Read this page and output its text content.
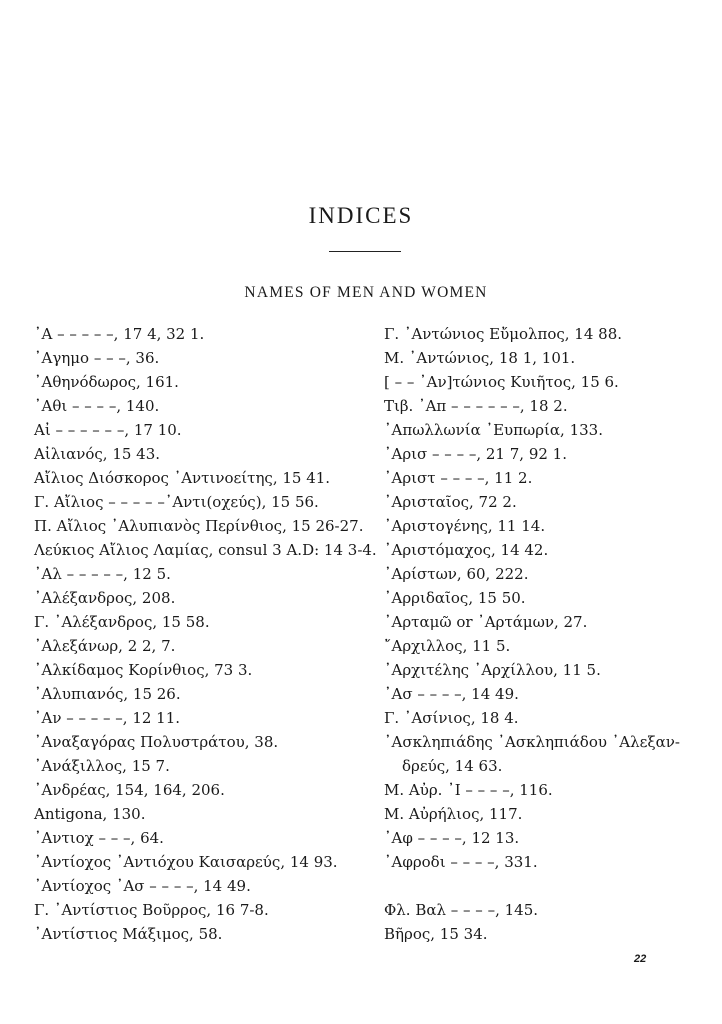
INDICES
NAMES OF MEN AND WOMEN
᾿Α – – – – –, 17 4, 32 1.
᾿Αγημο – – –, 36.
᾿Αθηνόδωρος, 161.
᾿Αθι – – – –, 140.
Αἰ – – – – – –, 17 10.
Αἰλιανός, 15 43.
Αἴλιος Διόσκορος ᾿Αντινοείτης, 15 41.
Γ. Αἴλιος – – – – –᾿Αντι(οχεύς), 15 56.
Π. Αἴλιος ᾿Αλυπιανὸς Περίνθιος, 15 26-27.
Λεύκιος Αἴλιος Λαμίας, consul 3 A.D: 14 3-4.
᾿Αλ – – – – –, 12 5.
᾿Αλέξανδρος, 208.
Γ. ᾿Αλέξανδρος, 15 58.
᾿Αλεξάνωρ, 2 2, 7.
᾿Αλκίδαμος Κορίνθιος, 73 3.
᾿Αλυπιανός, 15 26.
᾿Αν – – – – –, 12 11.
᾿Αναξαγόρας Πολυστράτου, 38.
᾿Ανάξιλλος, 15 7.
᾿Ανδρέας, 154, 164, 206.
Antigona, 130.
᾿Αντιοχ – – –, 64.
᾿Αντίοχος ᾿Αντιόχου Καισαρεύς, 14 93.
᾿Αντίοχος ᾿Ασ – – – –, 14 49.
Γ. ᾿Αντίστιος Βοῦρρος, 16 7-8.
᾿Αντίστιος Μάξιμος, 58.
Γ. ᾿Αντώνιος Εὔμολπος, 14 88.
Μ. ᾿Αντώνιος, 18 1, 101.
[ – – ᾿Αν]τώνιος Κυιῆτος, 15 6.
Τιβ. ᾿Απ – – – – – –, 18 2.
᾿Απωλλωνία ᾿Ευπωρία, 133.
᾿Αρισ – – – –, 21 7, 92 1.
᾿Αριστ – – – –, 11 2.
᾿Αρισταῖος, 72 2.
᾿Αριστογένης, 11 14.
᾿Αριστόμαχος, 14 42.
᾿Αρίστων, 60, 222.
᾿Αρριδαῖος, 15 50.
᾿Αρταμῶ or ᾿Αρτάμων, 27.
῎Αρχιλλος, 11 5.
᾿Αρχιτέλης ᾿Αρχίλλου, 11 5.
᾿Ασ – – – –, 14 49.
Γ. ᾿Ασίνιος, 18 4.
᾿Ασκληπιάδης ᾿Ασκληπιάδου ᾿Αλεξαν-
δρεύς, 14 63.
Μ. Αὐρ. ᾿Ι – – – –, 116.
Μ. Αὐρήλιος, 117.
᾿Αφ – – – –, 12 13.
᾿Αφροδι – – – –, 331.
Φλ. Βαλ – – – –, 145.
Βῆρος, 15 34.
22
